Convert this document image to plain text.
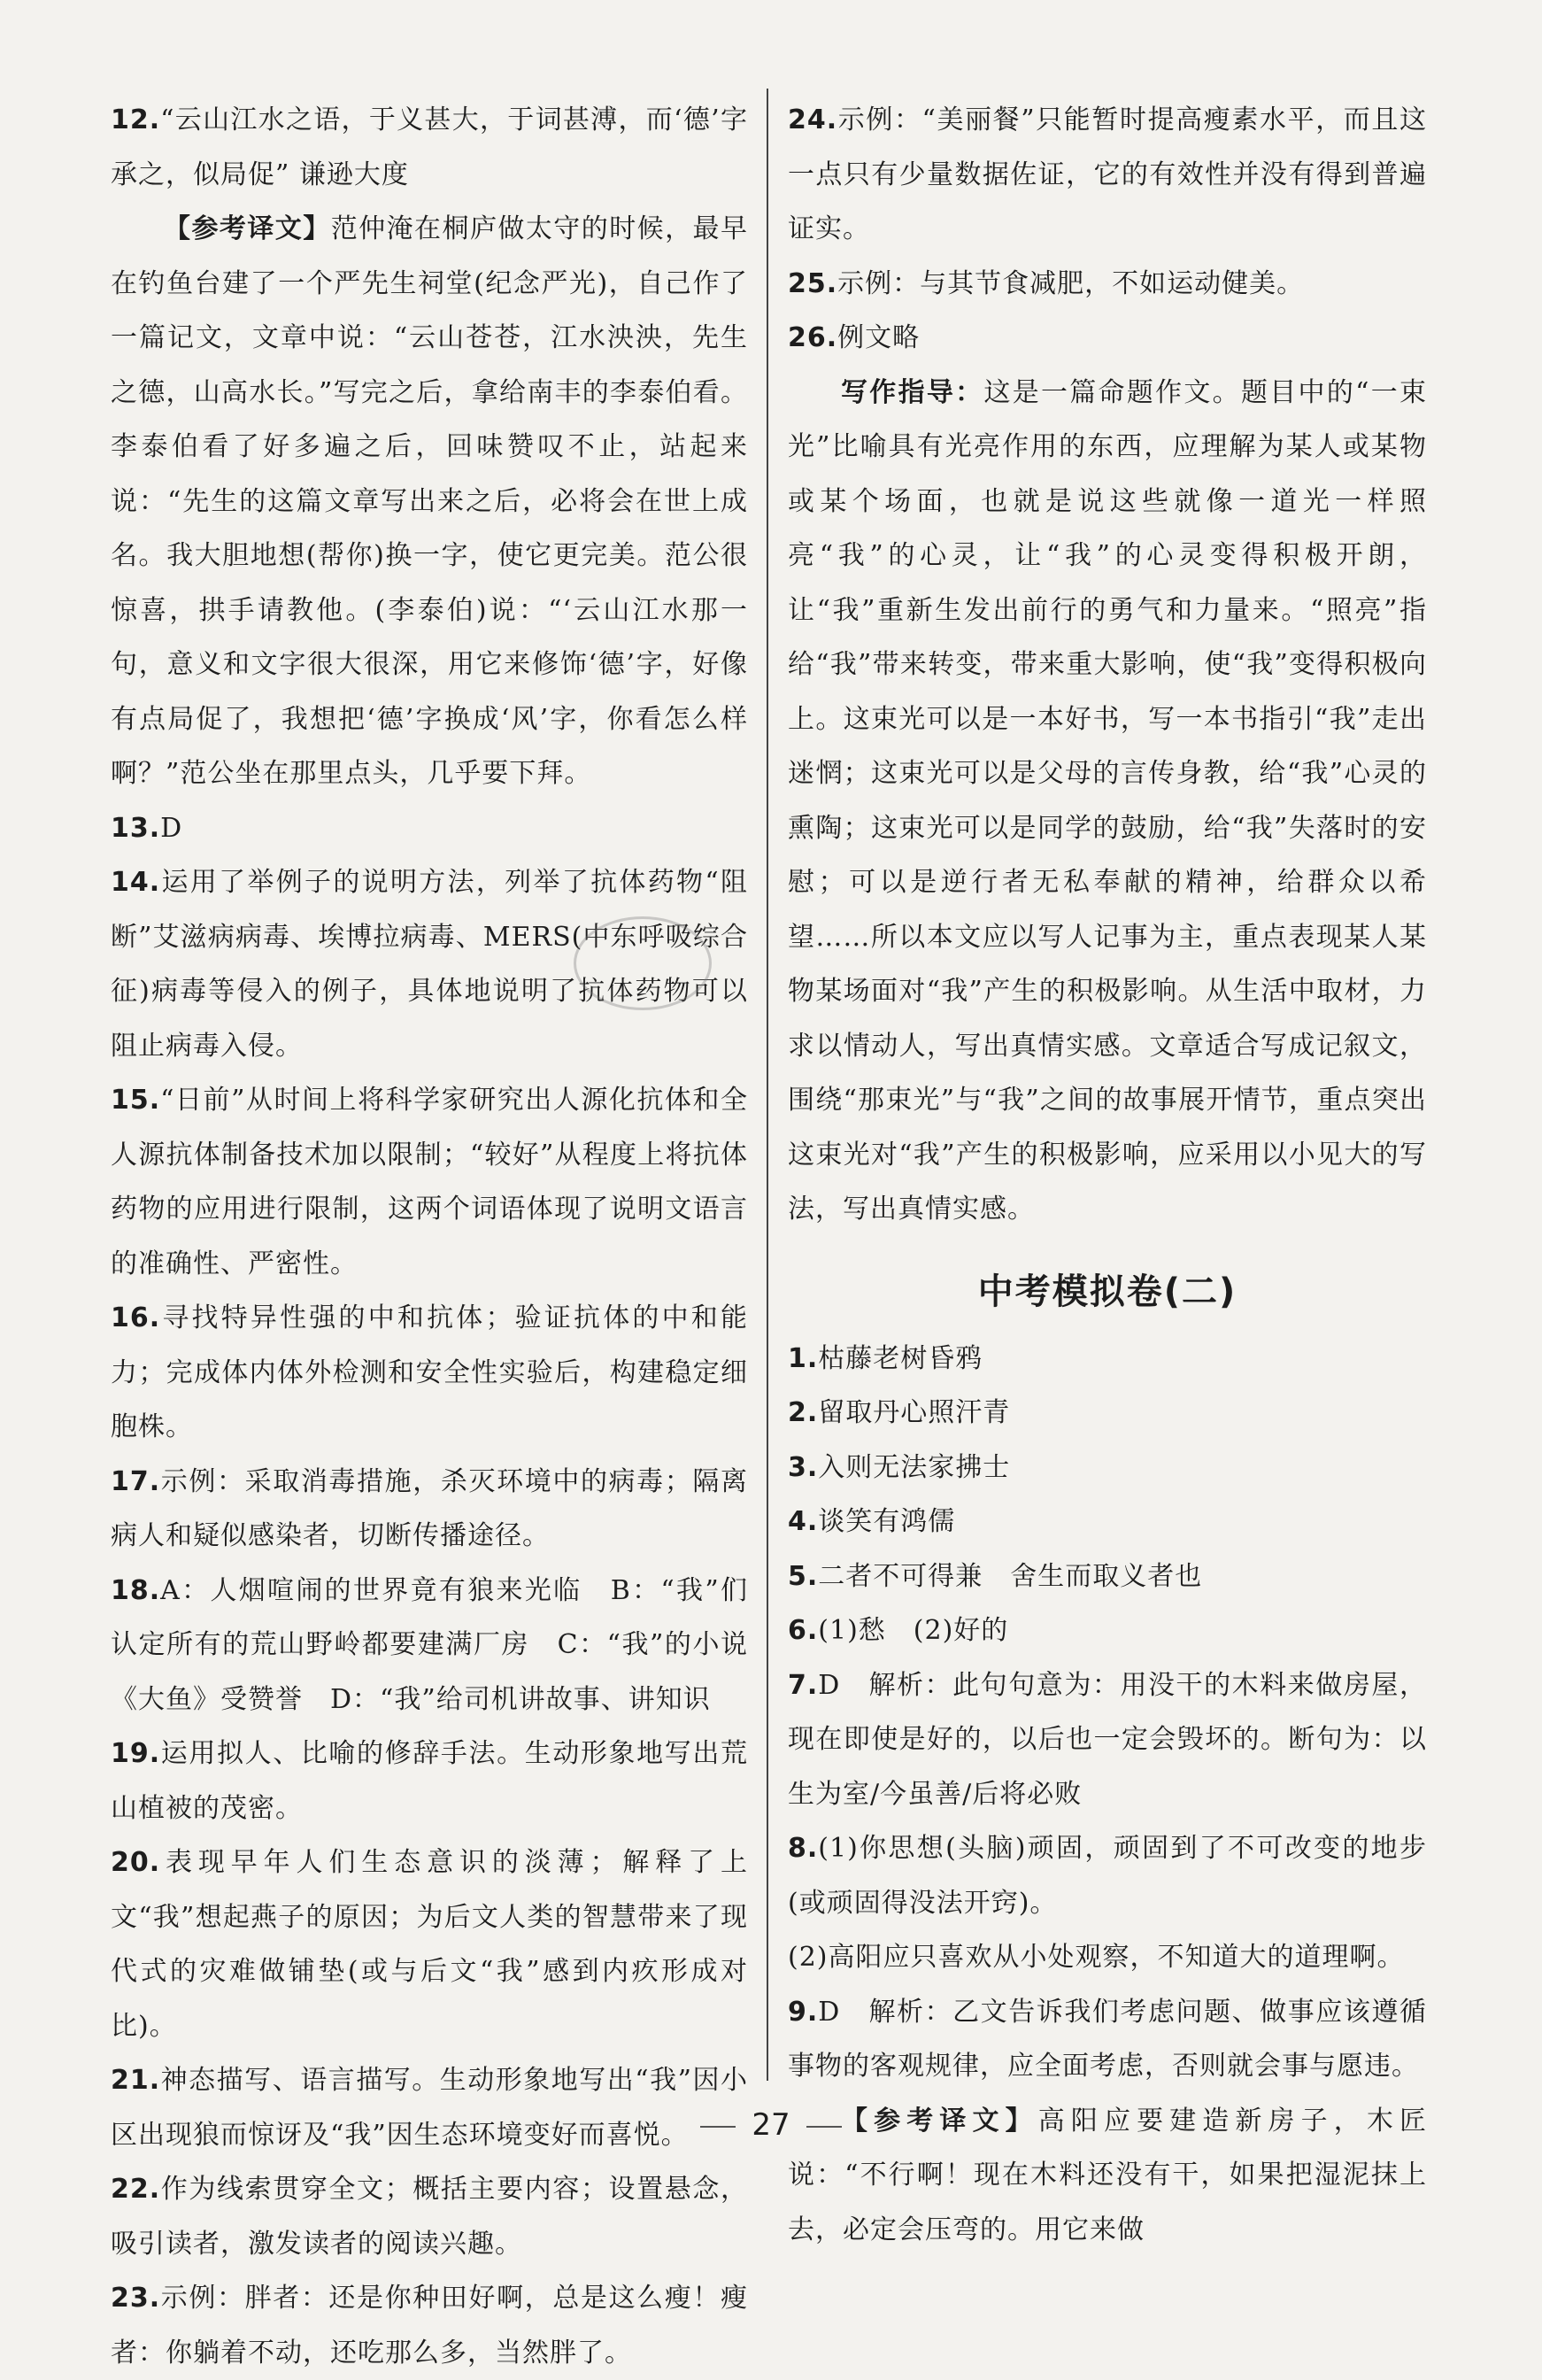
12.“云山江水之语，于义甚大，于词甚溥，而‘德’字承之，似局促” 谦逊大度

【参考译文】范仲淹在桐庐做太守的时候，最早在钓鱼台建了一个严先生祠堂(纪念严光)，自己作了一篇记文，文章中说：“云山苍苍，江水泱泱，先生之德，山高水长。”写完之后，拿给南丰的李泰伯看。李泰伯看了好多遍之后，回味赞叹不止，站起来说：“先生的这篇文章写出来之后，必将会在世上成名。我大胆地想(帮你)换一字，使它更完美。范公很惊喜，拱手请教他。(李泰伯)说：“‘云山江水那一句，意义和文字很大很深，用它来修饰‘德’字，好像有点局促了，我想把‘德’字换成‘风’字，你看怎么样啊？”范公坐在那里点头，几乎要下拜。

13.D

14.运用了举例子的说明方法，列举了抗体药物“阻断”艾滋病病毒、埃博拉病毒、MERS(中东呼吸综合征)病毒等侵入的例子，具体地说明了抗体药物可以阻止病毒入侵。

15.“日前”从时间上将科学家研究出人源化抗体和全人源抗体制备技术加以限制；“较好”从程度上将抗体药物的应用进行限制，这两个词语体现了说明文语言的准确性、严密性。

16.寻找特异性强的中和抗体；验证抗体的中和能力；完成体内体外检测和安全性实验后，构建稳定细胞株。

17.示例：采取消毒措施，杀灭环境中的病毒；隔离病人和疑似感染者，切断传播途径。

18.A：人烟喧闹的世界竟有狼来光临　B：“我”们认定所有的荒山野岭都要建满厂房　C：“我”的小说《大鱼》受赞誉　D：“我”给司机讲故事、讲知识

19.运用拟人、比喻的修辞手法。生动形象地写出荒山植被的茂密。

20.表现早年人们生态意识的淡薄；解释了上文“我”想起燕子的原因；为后文人类的智慧带来了现代式的灾难做铺垫(或与后文“我”感到内疚形成对比)。

21.神态描写、语言描写。生动形象地写出“我”因小区出现狼而惊讶及“我”因生态环境变好而喜悦。

22.作为线索贯穿全文；概括主要内容；设置悬念，吸引读者，激发读者的阅读兴趣。

23.示例：胖者：还是你种田好啊，总是这么瘦！瘦者：你躺着不动，还吃那么多，当然胖了。

24.示例：“美丽餐”只能暂时提高瘦素水平，而且这一点只有少量数据佐证，它的有效性并没有得到普遍证实。

25.示例：与其节食减肥，不如运动健美。

26.例文略

写作指导：这是一篇命题作文。题目中的“一束光”比喻具有光亮作用的东西，应理解为某人或某物或某个场面，也就是说这些就像一道光一样照亮“我”的心灵，让“我”的心灵变得积极开朗，让“我”重新生发出前行的勇气和力量来。“照亮”指给“我”带来转变，带来重大影响，使“我”变得积极向上。这束光可以是一本好书，写一本书指引“我”走出迷惘；这束光可以是父母的言传身教，给“我”心灵的熏陶；这束光可以是同学的鼓励，给“我”失落时的安慰；可以是逆行者无私奉献的精神，给群众以希望……所以本文应以写人记事为主，重点表现某人某物某场面对“我”产生的积极影响。从生活中取材，力求以情动人，写出真情实感。文章适合写成记叙文，围绕“那束光”与“我”之间的故事展开情节，重点突出这束光对“我”产生的积极影响，应采用以小见大的写法，写出真情实感。

中考模拟卷(二)

1.枯藤老树昏鸦

2.留取丹心照汗青

3.入则无法家拂士

4.谈笑有鸿儒

5.二者不可得兼　舍生而取义者也

6.(1)愁　(2)好的

7.D　解析：此句句意为：用没干的木料来做房屋，现在即使是好的，以后也一定会毁坏的。断句为：以生为室/今虽善/后将必败

8.(1)你思想(头脑)顽固，顽固到了不可改变的地步(或顽固得没法开窍)。

(2)高阳应只喜欢从小处观察，不知道大的道理啊。

9.D　解析：乙文告诉我们考虑问题、做事应该遵循事物的客观规律，应全面考虑，否则就会事与愿违。

【参考译文】高阳应要建造新房子，木匠说：“不行啊！现在木料还没有干，如果把湿泥抹上去，必定会压弯的。用它来做

27
